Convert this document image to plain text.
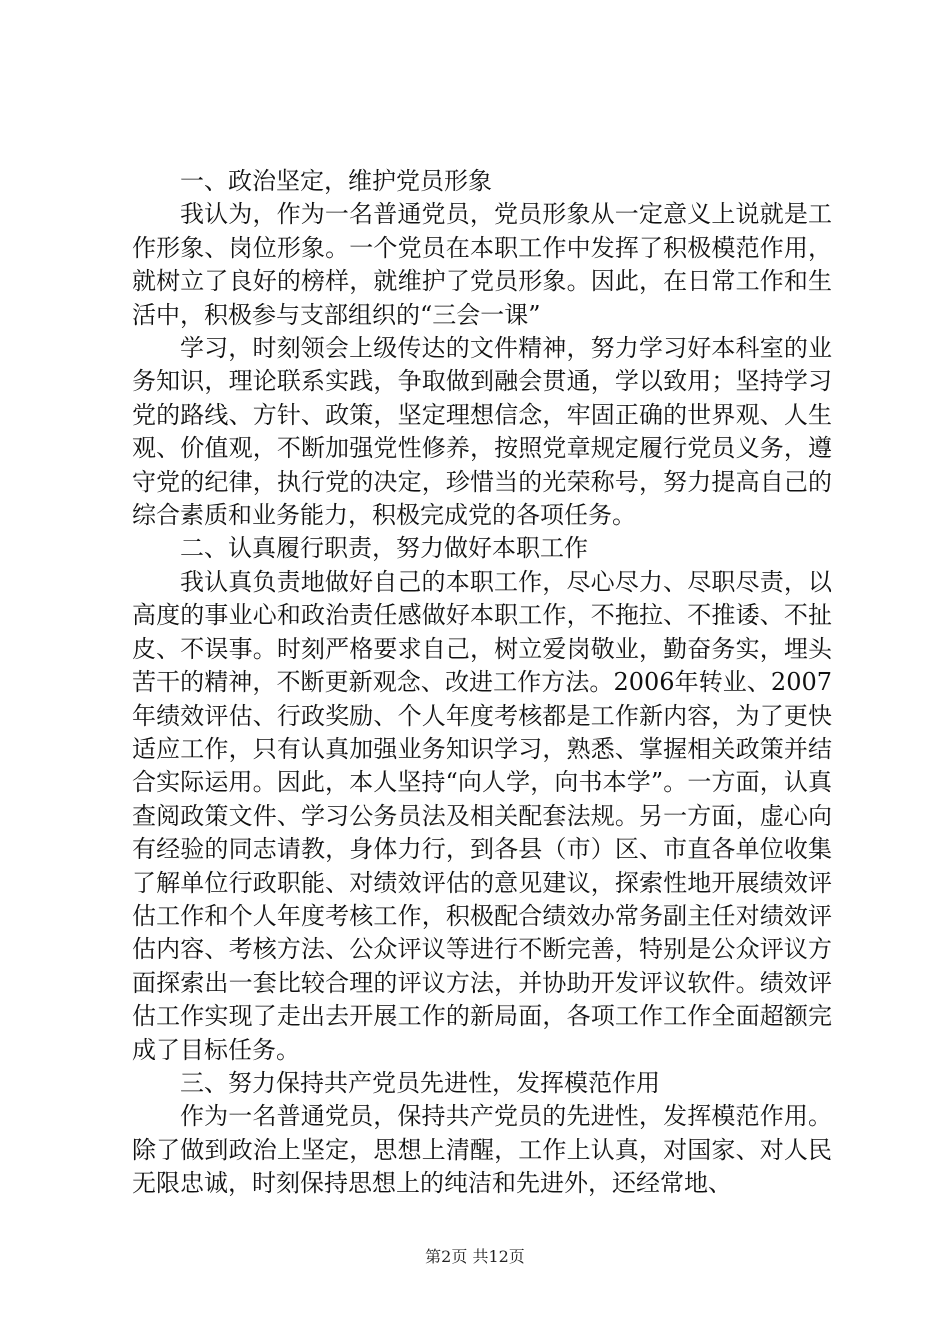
一、政治坚定，维护党员形象

我认为，作为一名普通党员，党员形象从一定意义上说就是工作形象、岗位形象。一个党员在本职工作中发挥了积极模范作用，就树立了良好的榜样，就维护了党员形象。因此，在日常工作和生活中，积极参与支部组织的“三会一课”

学习，时刻领会上级传达的文件精神，努力学习好本科室的业务知识，理论联系实践，争取做到融会贯通，学以致用；坚持学习党的路线、方针、政策，坚定理想信念，牢固正确的世界观、人生观、价值观，不断加强党性修养，按照党章规定履行党员义务，遵守党的纪律，执行党的决定，珍惜当的光荣称号，努力提高自己的综合素质和业务能力，积极完成党的各项任务。

二、认真履行职责，努力做好本职工作

我认真负责地做好自己的本职工作，尽心尽力、尽职尽责，以高度的事业心和政治责任感做好本职工作，不拖拉、不推诿、不扯皮、不误事。时刻严格要求自己，树立爱岗敬业，勤奋务实，埋头苦干的精神，不断更新观念、改进工作方法。2006年转业、2007年绩效评估、行政奖励、个人年度考核都是工作新内容，为了更快适应工作，只有认真加强业务知识学习，熟悉、掌握相关政策并结合实际运用。因此，本人坚持“向人学，向书本学”。一方面，认真查阅政策文件、学习公务员法及相关配套法规。另一方面，虚心向有经验的同志请教，身体力行，到各县（市）区、市直各单位收集了解单位行政职能、对绩效评估的意见建议，探索性地开展绩效评估工作和个人年度考核工作，积极配合绩效办常务副主任对绩效评估内容、考核方法、公众评议等进行不断完善，特别是公众评议方面探索出一套比较合理的评议方法，并协助开发评议软件。绩效评估工作实现了走出去开展工作的新局面，各项工作工作全面超额完成了目标任务。

三、努力保持共产党员先进性，发挥模范作用

作为一名普通党员，保持共产党员的先进性，发挥模范作用。除了做到政治上坚定，思想上清醒，工作上认真，对国家、对人民无限忠诚，时刻保持思想上的纯洁和先进外，还经常地、

第2页 共12页
